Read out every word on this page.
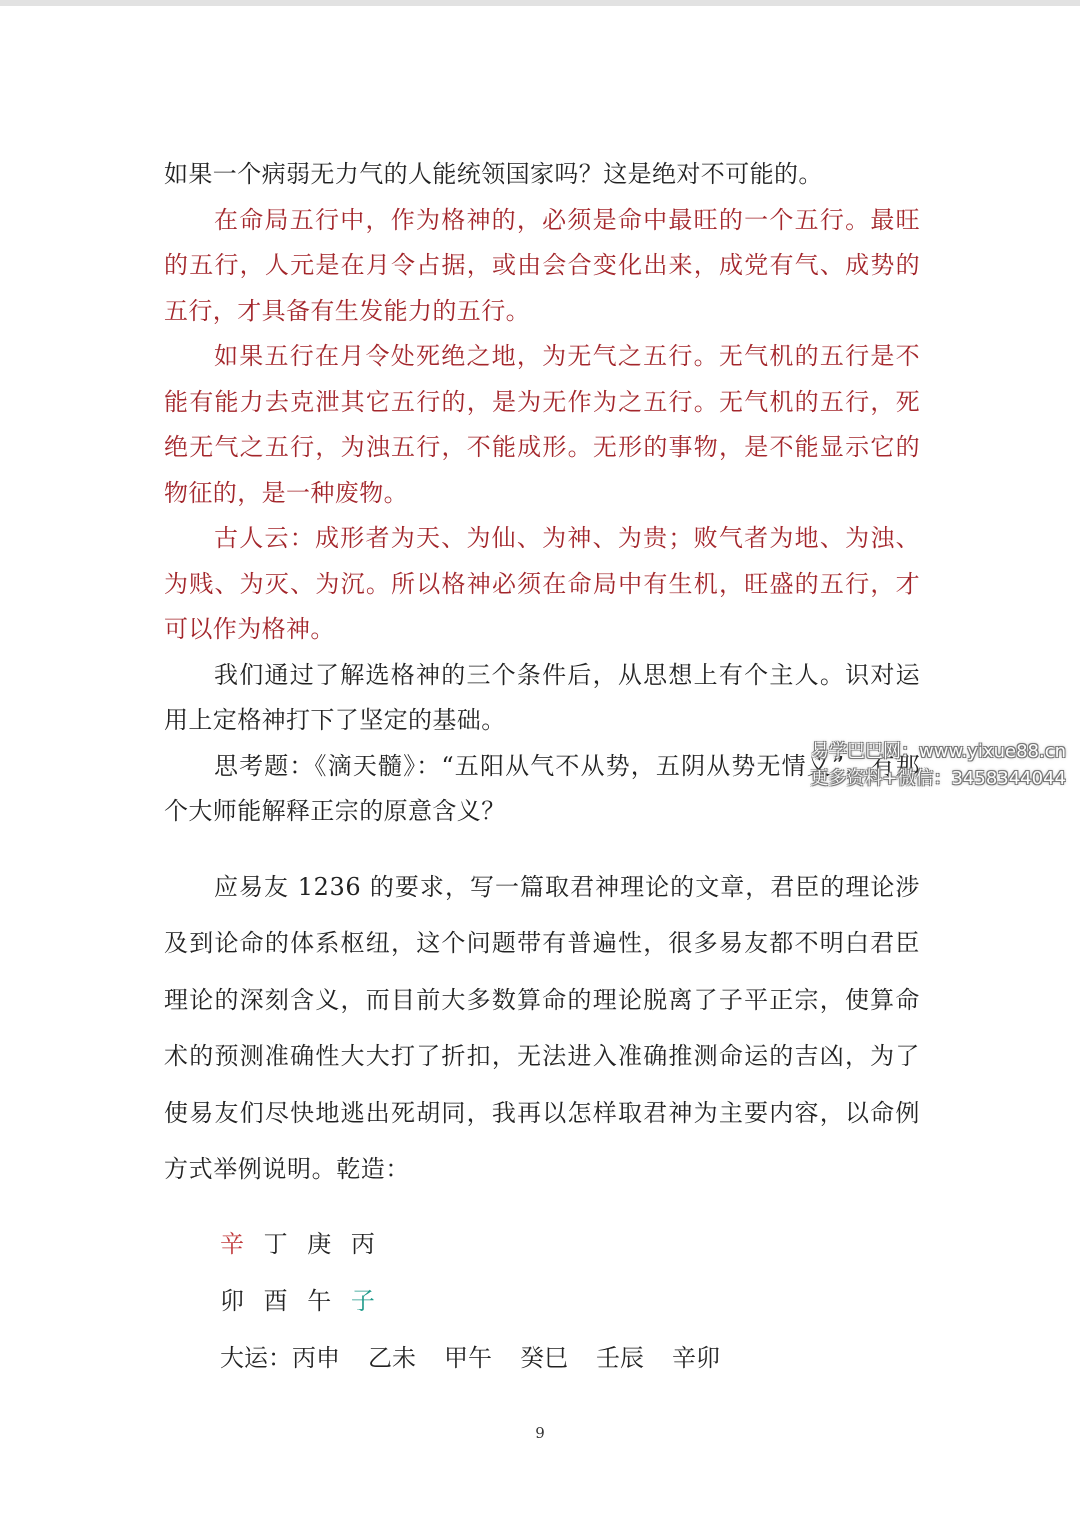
如果一个病弱无力气的人能统领国家吗？这是绝对不可能的。

在命局五行中，作为格神的，必须是命中最旺的一个五行。最旺的五行，人元是在月令占据，或由会合变化出来，成党有气、成势的五行，才具备有生发能力的五行。

如果五行在月令处死绝之地，为无气之五行。无气机的五行是不能有能力去克泄其它五行的，是为无作为之五行。无气机的五行，死绝无气之五行，为浊五行，不能成形。无形的事物，是不能显示它的物征的，是一种废物。

古人云：成形者为天、为仙、为神、为贵；败气者为地、为浊、为贱、为灭、为沉。所以格神必须在命局中有生机，旺盛的五行，才可以作为格神。

我们通过了解选格神的三个条件后，从思想上有个主人。识对运用上定格神打下了坚定的基础。

思考题：《滴天髓》：“五阳从气不从势，五阴从势无情义”，有那个大师能解释正宗的原意含义？

应易友 1236 的要求，写一篇取君神理论的文章，君臣的理论涉及到论命的体系枢纽，这个问题带有普遍性，很多易友都不明白君臣理论的深刻含义，而目前大多数算命的理论脱离了子平正宗，使算命术的预测准确性大大打了折扣，无法进入准确推测命运的吉凶，为了使易友们尽快地逃出死胡同，我再以怎样取君神为主要内容，以命例方式举例说明。乾造：

辛 丁 庚 丙
卯 酉 午 子
大运：丙申 乙未 甲午 癸巳 壬辰 辛卯
易学巴巴网：www.yixue88.cn
更多资料+微信：3458344044
9
